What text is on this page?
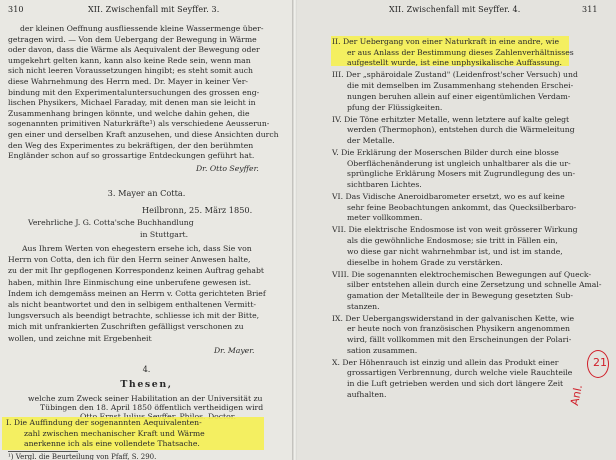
310	XII. Zwischenfall mit Seyffer. 3.
der kleinen Oeffnung ausfliessende kleine Wassermenge über-
getragen wird. — Von dem Uebergang der Bewegung in Wärme
oder davon, dass die Wärme als Aequivalent der Bewegung oder
umgekehrt gelten kann, kann also keine Rede sein, wenn man
sich nicht leeren Voraussetzungen hingibt; es steht somit auch
diese Wahrnehmung des Herrn med. Dr. Mayer in keiner Ver-
bindung mit den Experimentaluntersuchungen des grossen eng-
lischen Physikers, Michael Faraday, mit denen man sie leicht in
Zusammenhang bringen könnte, und welche dahin gehen, die
sogenannten primitiven Naturkräfte¹) als verschiedene Aeusserun-
gen einer und derselben Kraft anzusehen, und diese Ansichten durch
den Weg des Experimentes zu bekräftigen, der den berühmten
Engländer schon auf so grossartige Entdeckungen geführt hat.
Dr. Otto Seyffer.
3. Mayer an Cotta.
Heilbronn, 25. März 1850.
Verehrliche J. G. Cotta'sche Buchhandlung
in Stuttgart.
Aus Ihrem Werten von ehegestern ersehe ich, dass Sie von
Herrn von Cotta, den ich für den Herrn seiner Anwesen halte,
zu der mit Ihr gepflogenen Korrespondenz keinen Auftrag gehabt
haben, mithin Ihre Einmischung eine unberufene gewesen ist.
Indem ich demgemäss meinen an Herrn v. Cotta gerichteten Brief
als nicht beantwortet und den in selbigem enthaltenen Vermitt-
lungsversuch als beendigt betrachte, schliesse ich mit der Bitte,
mich mit unfrankierten Zuschriften gefälligst verschonen zu
wollen, und zeichne mit Ergebenheit
Dr. Mayer.
4.
Thesen,
welche zum Zweck seiner Habilitation an der Universität zu
Tübingen den 18. April 1850 öffentlich vertheidigen wird
I. Die Auffindung der sogenannten Aequivalenten-
zahl zwischen mechanischer Kraft und Wärme
anerkenne ich als eine vollendete Thatsache.
¹) Vergl. die Beurteilung von Pfaff, S. 290.
XII. Zwischenfall mit Seyffer. 4.	311
II. Der Uebergang von einer Naturkraft in eine andre, wie
er aus Anlass der Bestimmung dieses Zahlenverhältnisses
aufgestellt wurde, ist eine unphysikalische Auffassung.
III. Der „sphäroidale Zustand" (Leidenfrost'scher Versuch) und
die mit demselben im Zusammenhang stehenden Erschei-
nungen beruhen allein auf einer eigentümlichen Verdam-
pfung der Flüssigkeiten.
IV. Die Töne erhitzter Metalle, wenn letztere auf kalte gelegt
werden (Thermophon), entstehen durch die Wärmeleitung
der Metalle.
V. Die Erklärung der Moserschen Bilder durch eine blosse
Oberflächenänderung ist ungleich unhaltbarer als die ur-
sprüngliche Erklärung Mosers mit Zugrundlegung des un-
sichtbaren Lichtes.
VI. Das Vidische Aneroidbarometer ersetzt, wo es auf keine
sehr feine Beobachtungen ankommt, das Quecksilberbaro-
meter vollkommen.
VII. Die elektrische Endosmose ist von weit grösserer Wirkung
als die gewöhnliche Endosmose; sie tritt in Fällen ein,
wo diese gar nicht wahrnehmbar ist, und ist im stande,
dieselbe in hohem Grade zu verstärken.
VIII. Die sogenannten elektrochemischen Bewegungen auf Queck-
silber entstehen allein durch eine Zersetzung und schnelle Amal-
gamation der Metallteile der in Bewegung gesetzten Sub-
stanzen.
IX. Der Uebergangswiderstand in der galvanischen Kette, wie
er heute noch von französischen Physikern angenommen
wird, fällt vollkommen mit den Erscheinungen der Polari-
sation zusammen.
X. Der Höhenrauch ist einzig und allein das Produkt einer
grossartigen Verbrennung, durch welche viele Rauchteile
in die Luft getrieben werden und sich dort längere Zeit
aufhalten.	Anl.
21
